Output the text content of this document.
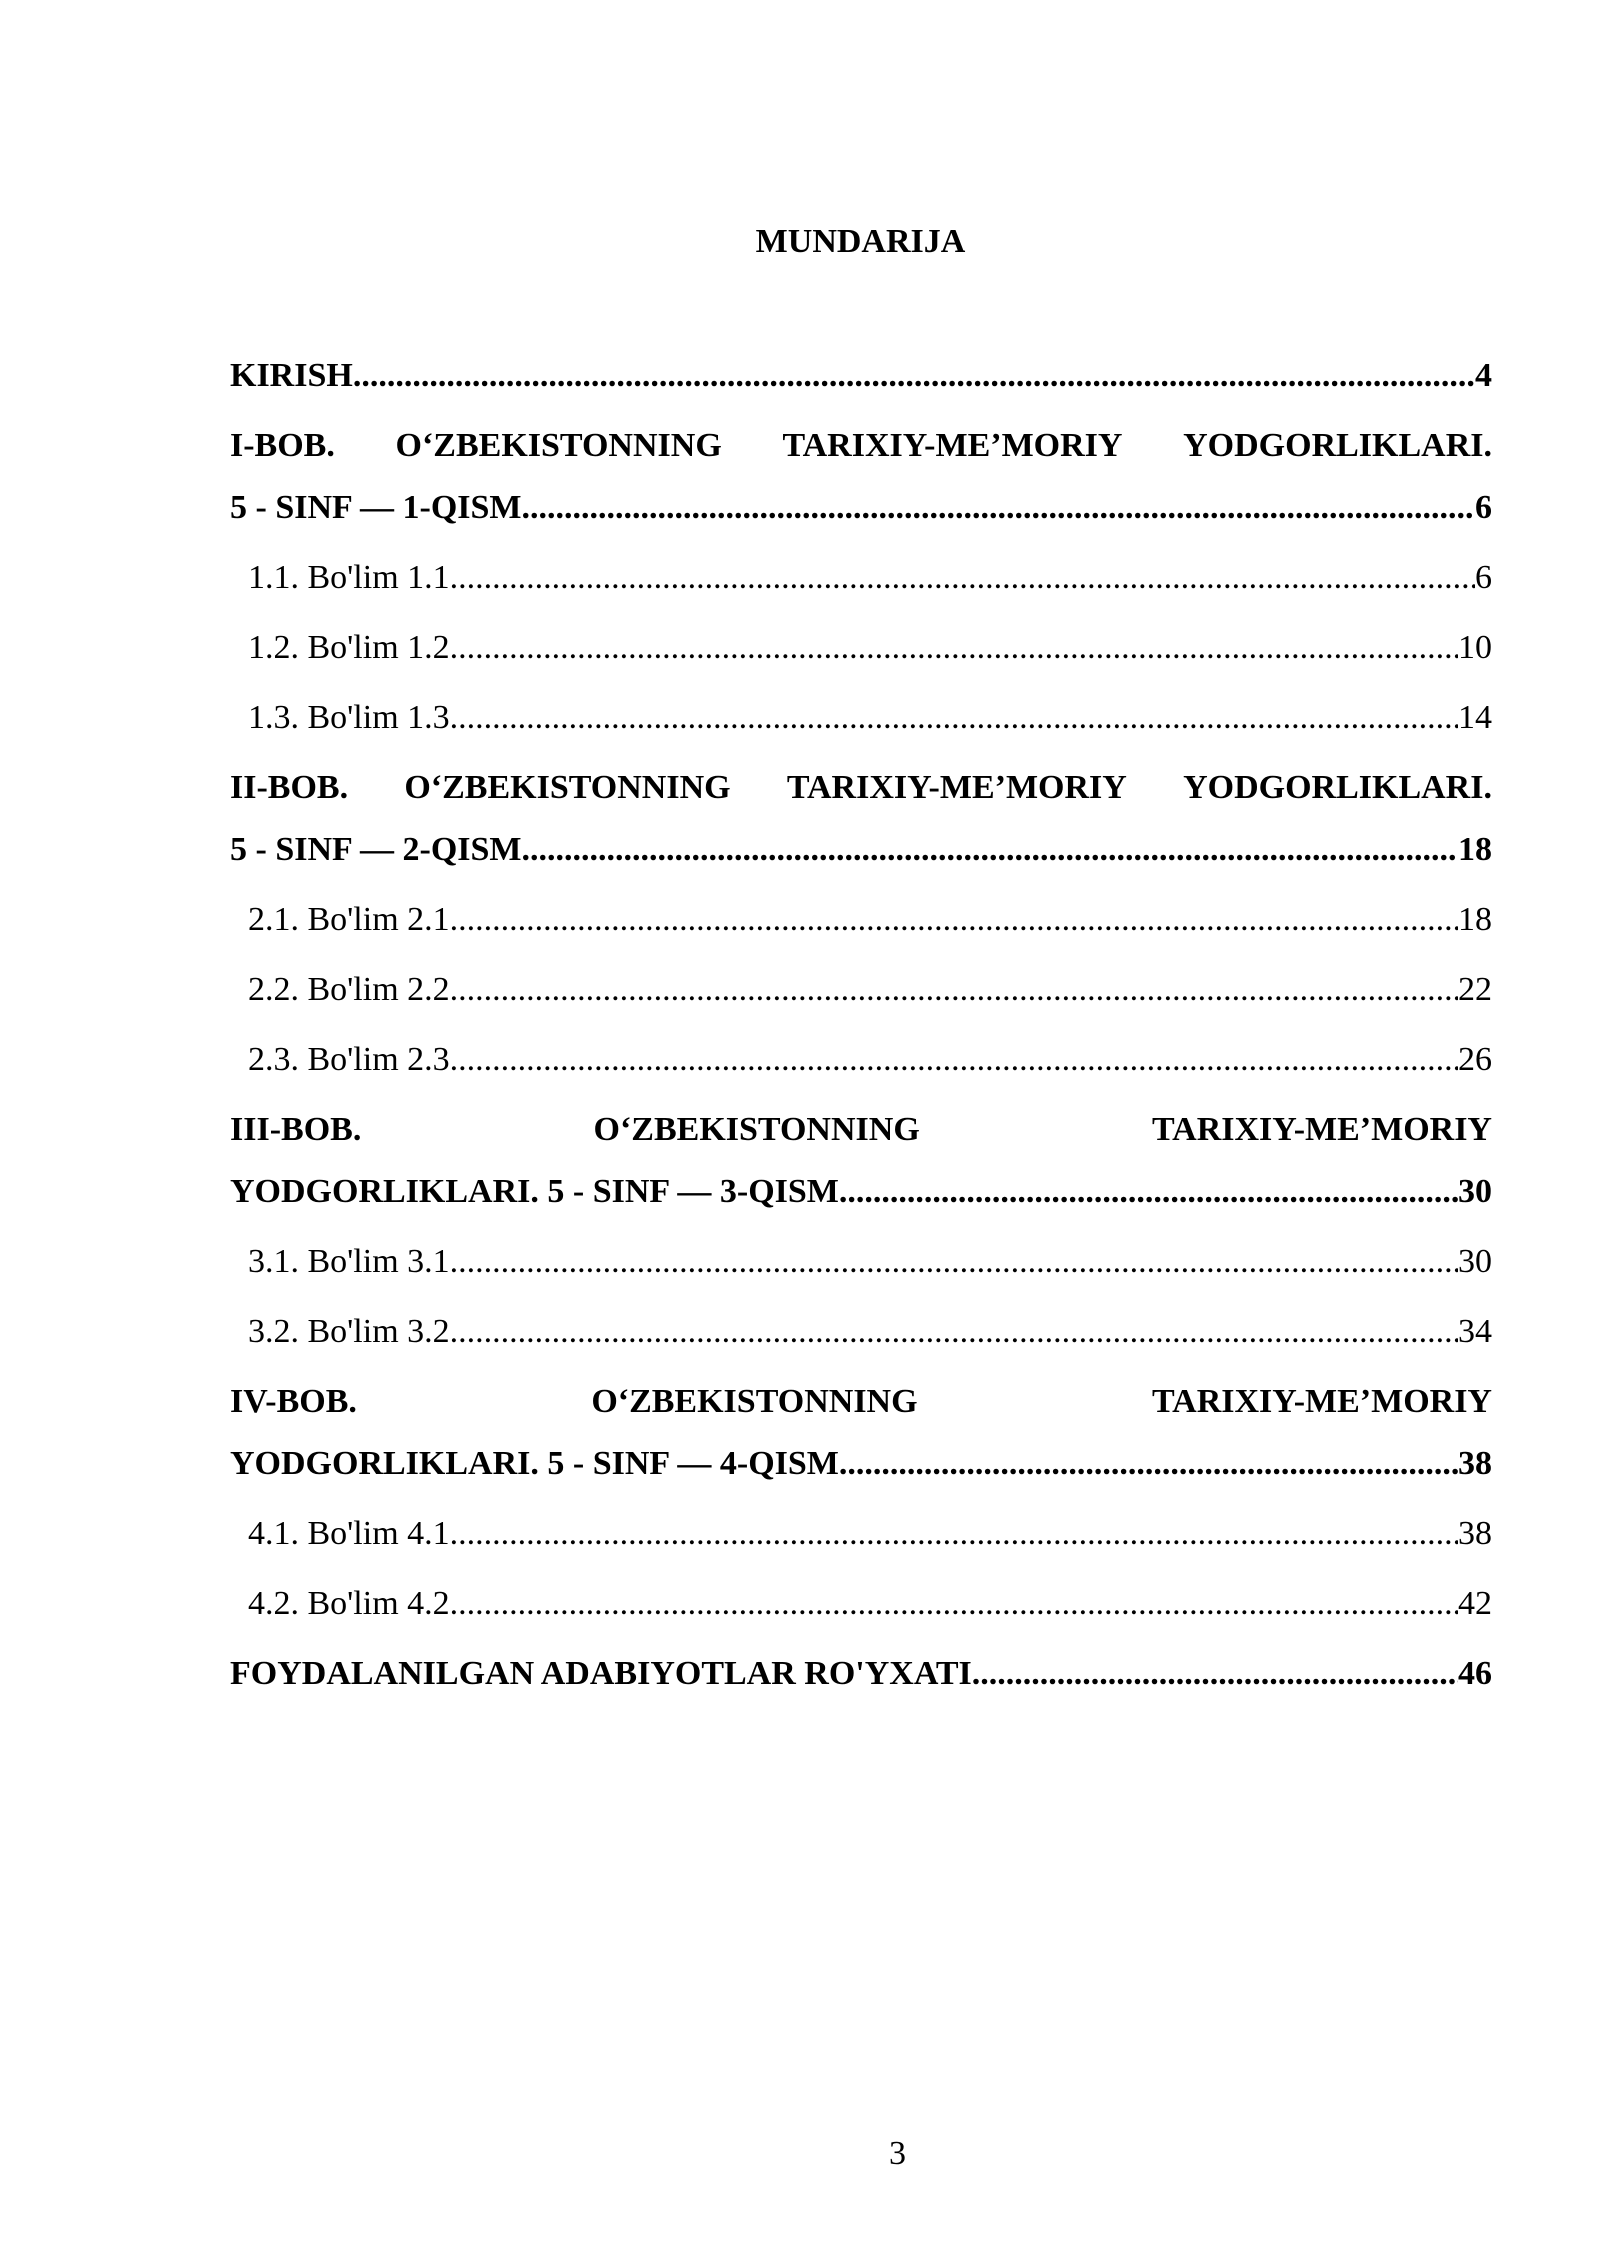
MUNDARIJA
KIRISH .....	4
I-BOB. O‘ZBEKISTONNING TARIXIY-ME’MORIY YODGORLIKLARI.
5 - SINF — 1-QISM .....	6
1.1. Bo'lim 1.1 .....	6
1.2. Bo'lim 1.2 .....	10
1.3. Bo'lim 1.3 .....	14
II-BOB. O‘ZBEKISTONNING TARIXIY-ME’MORIY YODGORLIKLARI.
5 - SINF — 2-QISM .....	18
2.1. Bo'lim 2.1 .....	18
2.2. Bo'lim 2.2 .....	22
2.3. Bo'lim 2.3 .....	26
III-BOB.	O‘ZBEKISTONNING	TARIXIY-ME’MORIY
YODGORLIKLARI. 5 - SINF — 3-QISM .....	30
3.1. Bo'lim 3.1 .....	30
3.2. Bo'lim 3.2 .....	34
IV-BOB.	O‘ZBEKISTONNING	TARIXIY-ME’MORIY
YODGORLIKLARI. 5 - SINF — 4-QISM .....	38
4.1. Bo'lim 4.1 .....	38
4.2. Bo'lim 4.2 .....	42
FOYDALANILGAN ADABIYOTLAR RO'YXATI .....	46
3
